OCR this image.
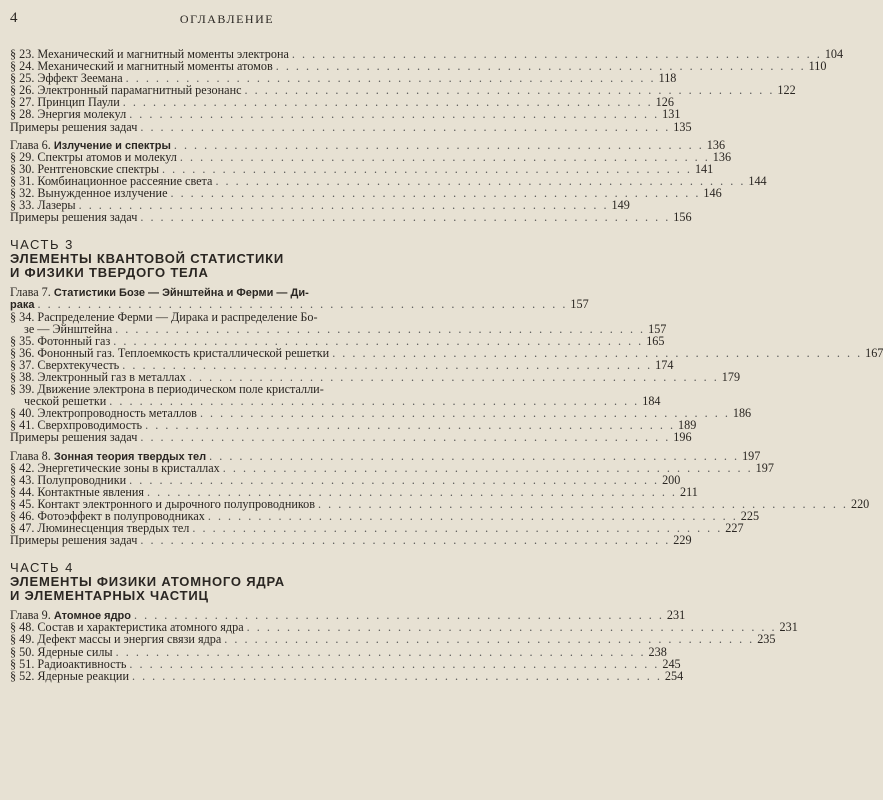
4	ОГЛАВЛЕНИЕ
§ 23. Механический и магнитный моменты электрона . . .	104
§ 24. Механический и магнитный моменты атомов . . .	110
§ 25. Эффект Зеемана . . .	118
§ 26. Электронный парамагнитный резонанс . . .	122
§ 27. Принцип Паули . . .	126
§ 28. Энергия молекул . . .	131
Примеры решения задач . . .	135
Глава 6. Излучение и спектры . . .	136
§ 29. Спектры атомов и молекул . . .	136
§ 30. Рентгеновские спектры . . .	141
§ 31. Комбинационное рассеяние света . . .	144
§ 32. Вынужденное излучение . . .	146
§ 33. Лазеры . . .	149
Примеры решения задач . . .	156
ЧАСТЬ 3
ЭЛЕМЕНТЫ КВАНТОВОЙ СТАТИСТИКИ
И ФИЗИКИ ТВЕРДОГО ТЕЛА
Глава 7. Статистики Бозе — Эйнштейна и Ферми — Ди-
рака . . .	157
§ 34. Распределение Ферми — Дирака и распределение Бо-
зе — Эйнштейна . . .	157
§ 35. Фотонный газ . . .	165
§ 36. Фононный газ. Теплоемкость кристаллической решетки . . .	167
§ 37. Сверхтекучесть . . .	174
§ 38. Электронный газ в металлах . . .	179
§ 39. Движение электрона в периодическом поле кристалли-
ческой решетки . . .	184
§ 40. Электропроводность металлов . . .	186
§ 41. Сверхпроводимость . . .	189
Примеры решения задач . . .	196
Глава 8. Зонная теория твердых тел . . .	197
§ 42. Энергетические зоны в кристаллах . . .	197
§ 43. Полупроводники . . .	200
§ 44. Контактные явления . . .	211
§ 45. Контакт электронного и дырочного полупроводников . . .	220
§ 46. Фотоэффект в полупроводниках . . .	225
§ 47. Люминесценция твердых тел . . .	227
Примеры решения задач . . .	229
ЧАСТЬ 4
ЭЛЕМЕНТЫ ФИЗИКИ АТОМНОГО ЯДРА
И ЭЛЕМЕНТАРНЫХ ЧАСТИЦ
Глава 9. Атомное ядро . . .	231
§ 48. Состав и характеристика атомного ядра . . .	231
§ 49. Дефект массы и энергия связи ядра . . .	235
§ 50. Ядерные силы . . .	238
§ 51. Радиоактивность . . .	245
§ 52. Ядерные реакции . . .	254
